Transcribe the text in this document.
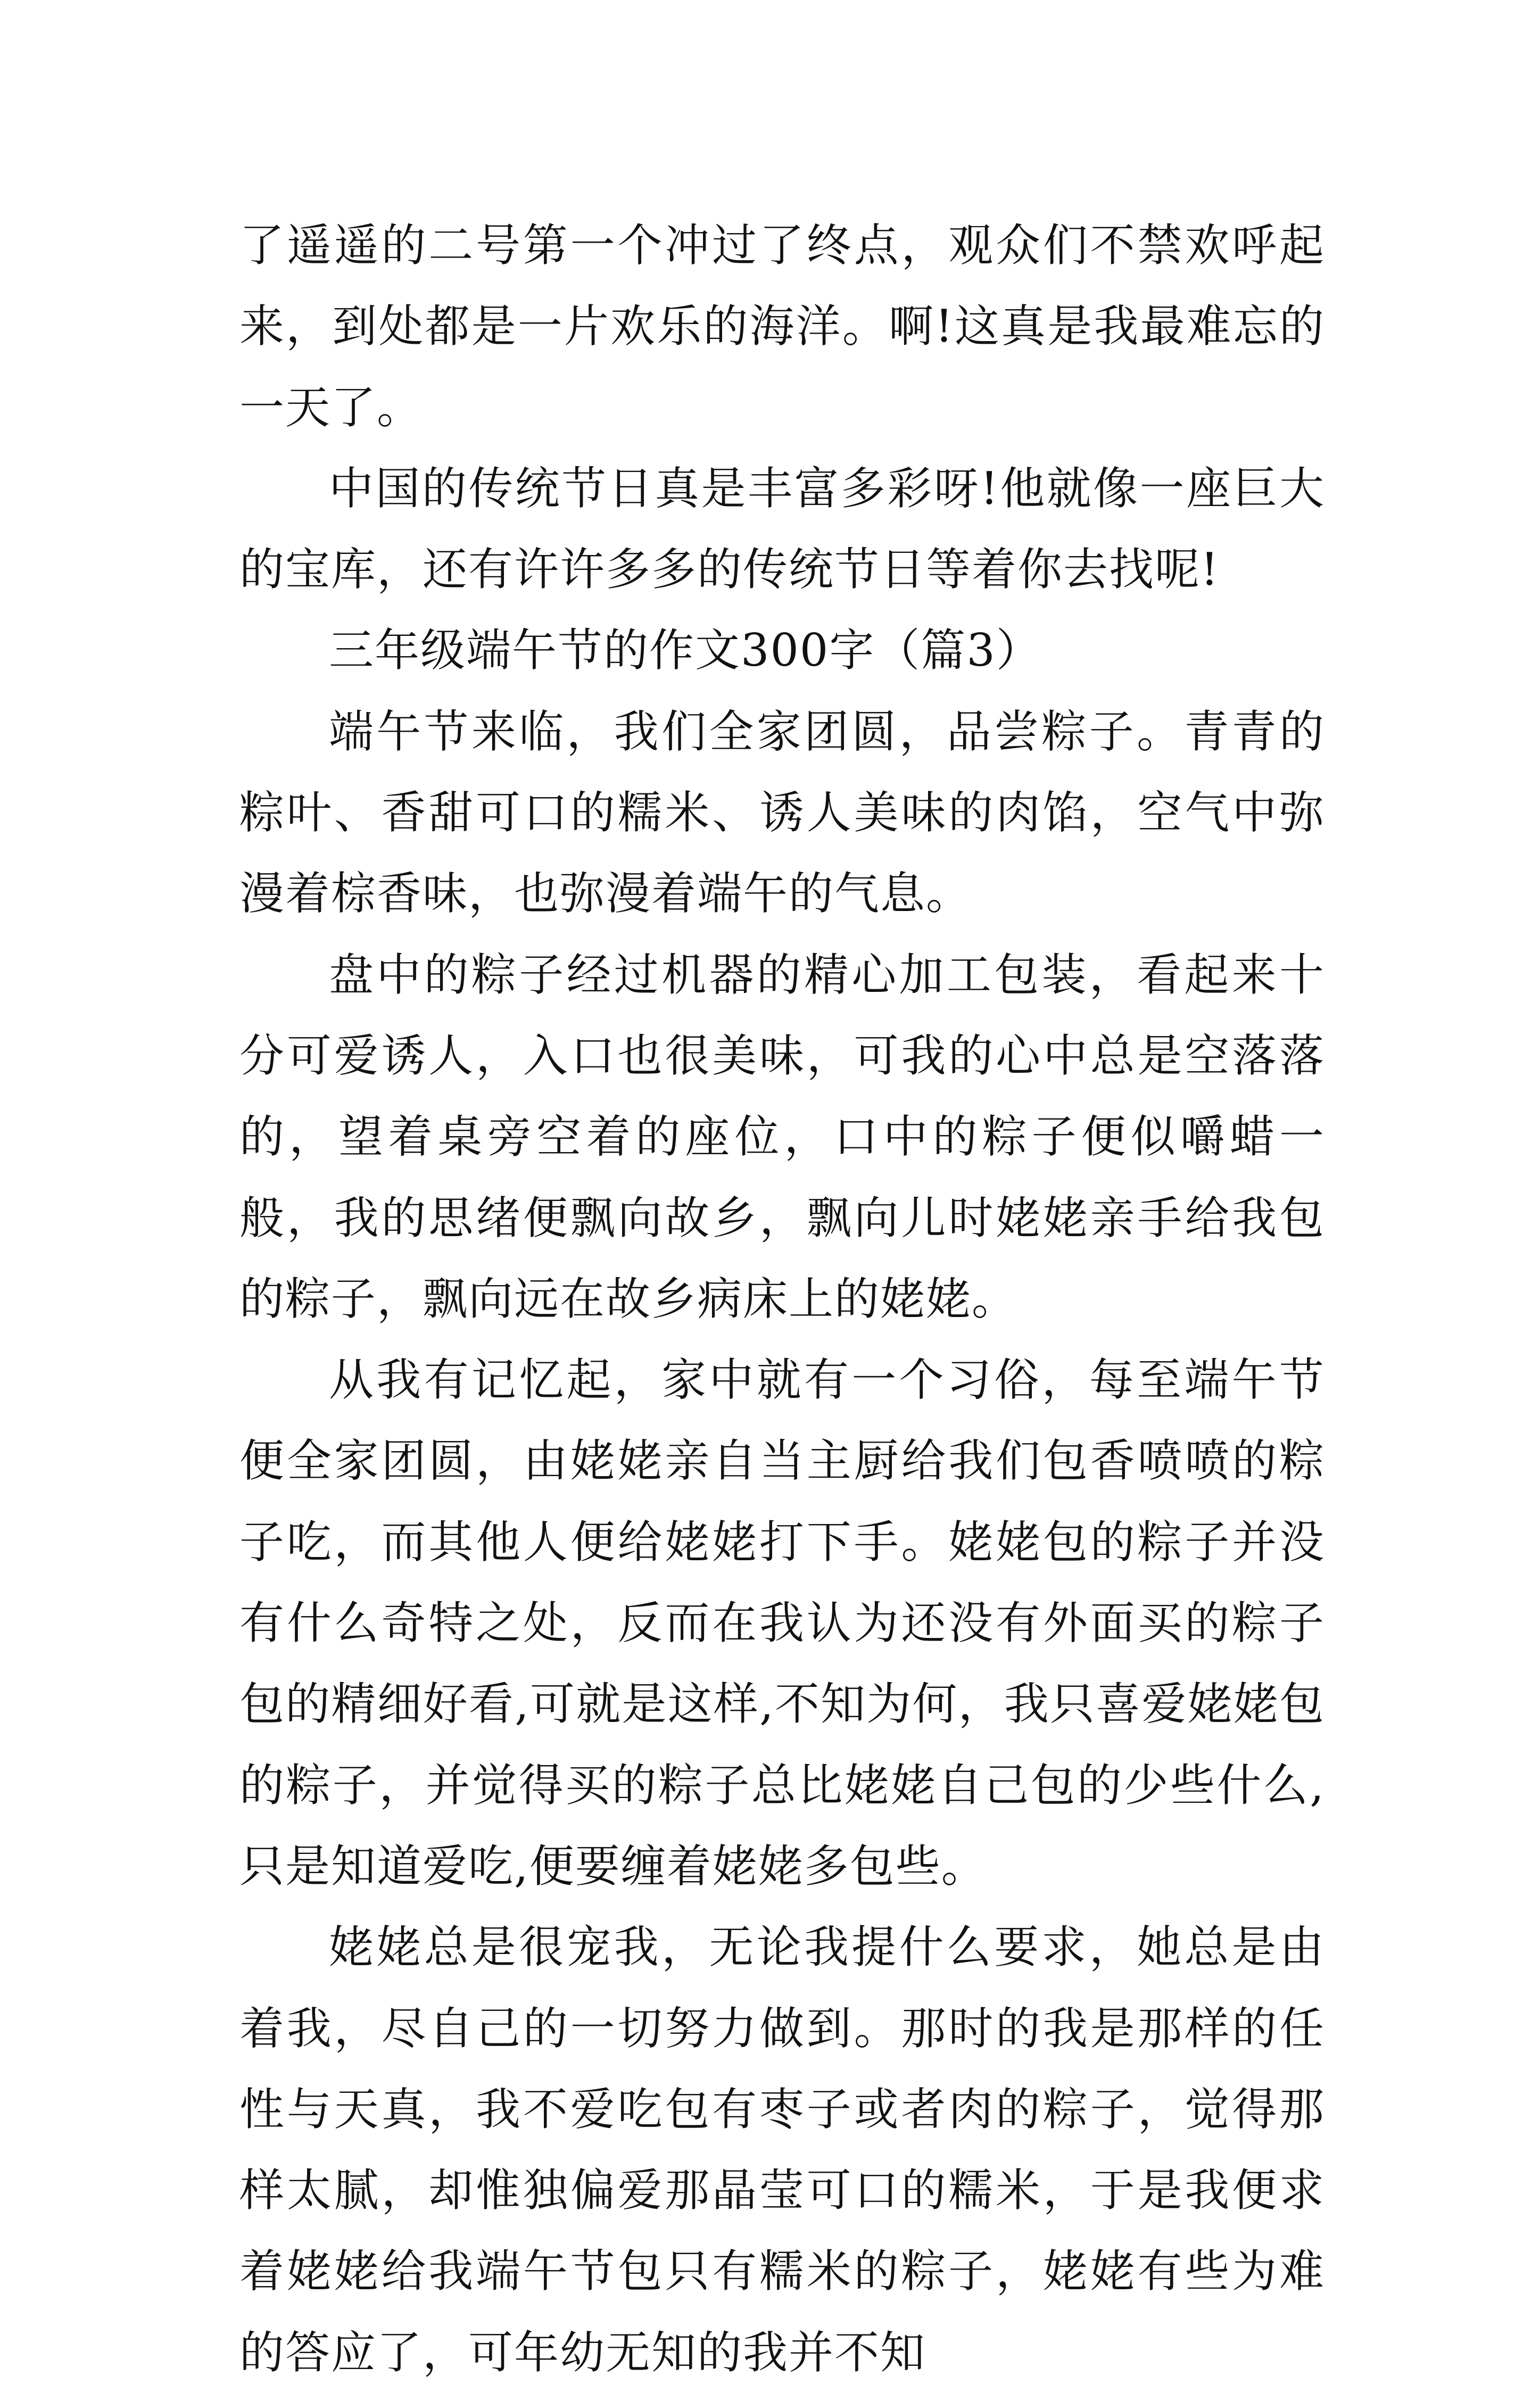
了遥遥的二号第一个冲过了终点，观众们不禁欢呼起来，到处都是一片欢乐的海洋。啊!这真是我最难忘的一天了。

中国的传统节日真是丰富多彩呀!他就像一座巨大的宝库，还有许许多多的传统节日等着你去找呢!

三年级端午节的作文300字（篇3）

端午节来临，我们全家团圆，品尝粽子。青青的粽叶、香甜可口的糯米、诱人美味的肉馅，空气中弥漫着棕香味，也弥漫着端午的气息。

盘中的粽子经过机器的精心加工包装，看起来十分可爱诱人，入口也很美味，可我的心中总是空落落的，望着桌旁空着的座位，口中的粽子便似嚼蜡一般，我的思绪便飘向故乡，飘向儿时姥姥亲手给我包的粽子，飘向远在故乡病床上的姥姥。

从我有记忆起，家中就有一个习俗，每至端午节便全家团圆，由姥姥亲自当主厨给我们包香喷喷的粽子吃，而其他人便给姥姥打下手。姥姥包的粽子并没有什么奇特之处，反而在我认为还没有外面买的粽子包的精细好看,可就是这样,不知为何，我只喜爱姥姥包的粽子，并觉得买的粽子总比姥姥自己包的少些什么,只是知道爱吃,便要缠着姥姥多包些。

姥姥总是很宠我，无论我提什么要求，她总是由着我，尽自己的一切努力做到。那时的我是那样的任性与天真，我不爱吃包有枣子或者肉的粽子，觉得那样太腻，却惟独偏爱那晶莹可口的糯米，于是我便求着姥姥给我端午节包只有糯米的粽子，姥姥有些为难的答应了，可年幼无知的我并不知
